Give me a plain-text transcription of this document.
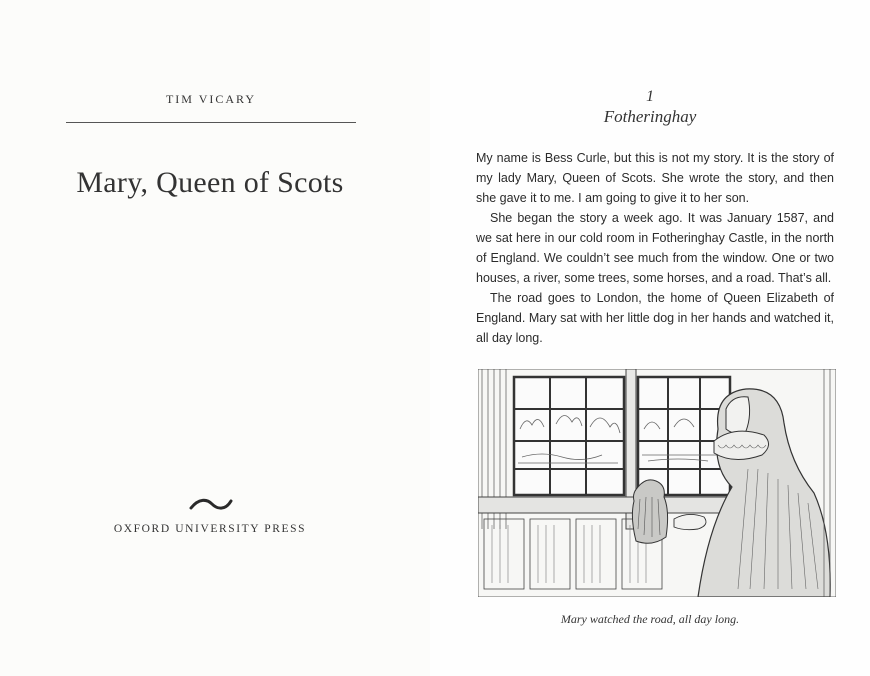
TIM VICARY
Mary, Queen of Scots
OXFORD UNIVERSITY PRESS
1
Fotheringhay

My name is Bess Curle, but this is not my story. It is the story of my lady Mary, Queen of Scots. She wrote the story, and then she gave it to me. I am going to give it to her son.

She began the story a week ago. It was January 1587, and we sat here in our cold room in Fotheringhay Castle, in the north of England. We couldn’t see much from the window. One or two houses, a river, some trees, some horses, and a road. That’s all.

The road goes to London, the home of Queen Elizabeth of England. Mary sat with her little dog in her hands and watched it, all day long.

Mary watched the road, all day long.
